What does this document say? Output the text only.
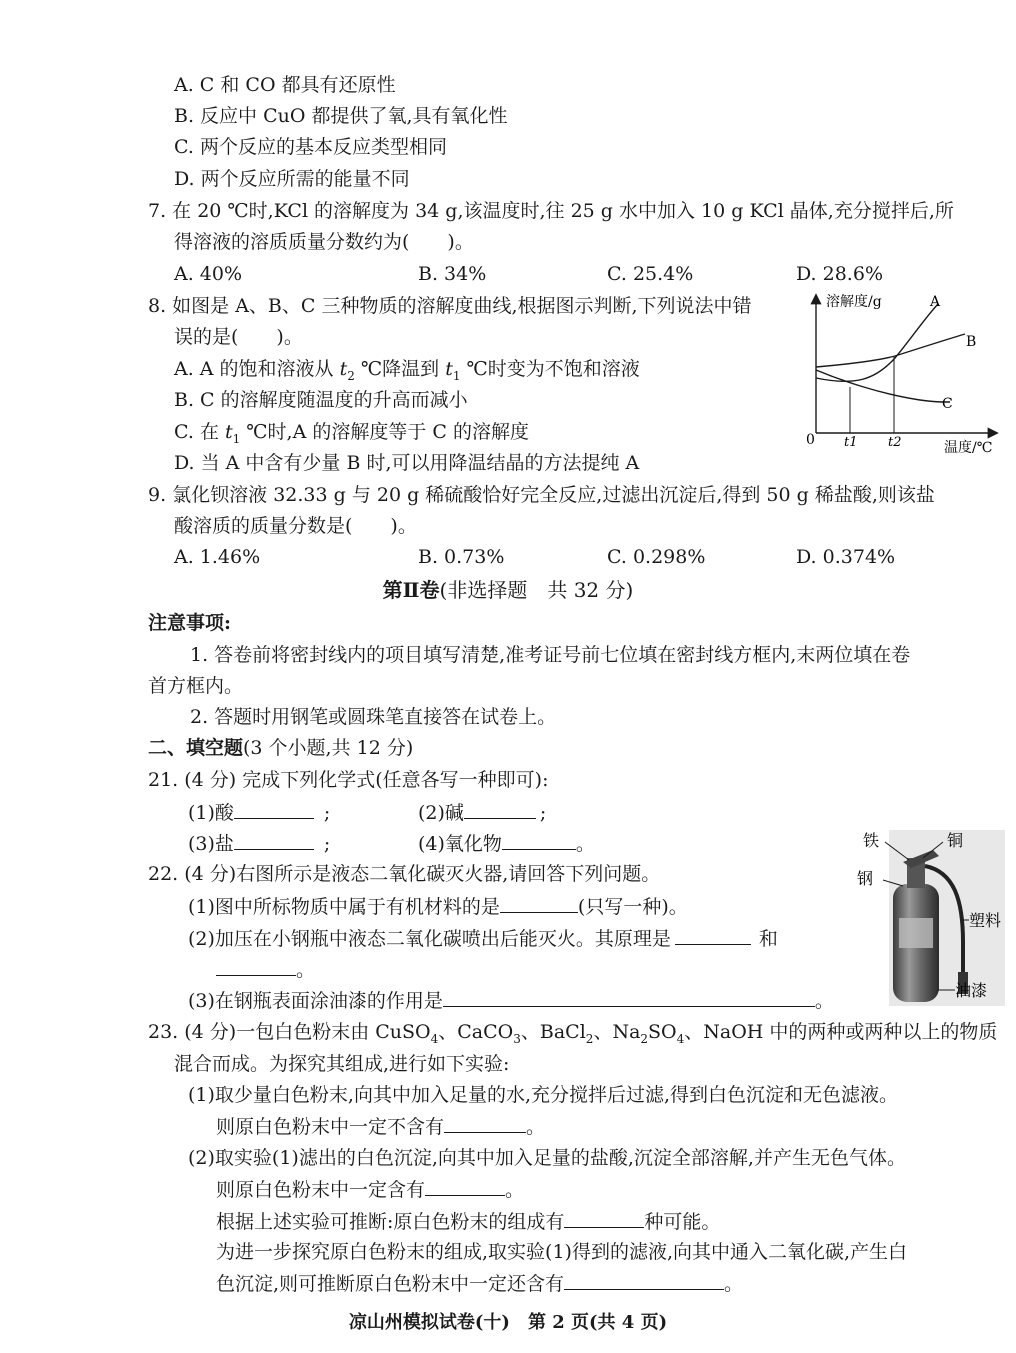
A. C 和 CO 都具有还原性
B. 反应中 CuO 都提供了氧,具有氧化性
C. 两个反应的基本反应类型相同
D. 两个反应所需的能量不同
7. 在 20 ℃时,KCl 的溶解度为 34 g,该温度时,往 25 g 水中加入 10 g KCl 晶体,充分搅拌后,所
得溶液的溶质质量分数约为(　　)。
A. 40%	B. 34%	C. 25.4%	D. 28.6%
8. 如图是 A、B、C 三种物质的溶解度曲线,根据图示判断,下列说法中错
误的是(　　)。
A. A 的饱和溶液从 $t_2$ ℃降温到 $t_1$ ℃时变为不饱和溶液
B. C 的溶解度随温度的升高而减小
C. 在 $t_1$ ℃时,A 的溶解度等于 C 的溶解度
D. 当 A 中含有少量 B 时,可以用降温结晶的方法提纯 A
溶解度/g	A
B
C
0 t1 t2	温度/℃
9. 氯化钡溶液 32.33 g 与 20 g 稀硫酸恰好完全反应,过滤出沉淀后,得到 50 g 稀盐酸,则该盐
酸溶质的质量分数是(　　)。
A. 1.46%	B. 0.73%	C. 0.298%	D. 0.374%
第Ⅱ卷(非选择题　共 32 分)
注意事项:
1. 答卷前将密封线内的项目填写清楚,准考证号前七位填在密封线方框内,末两位填在卷
首方框内。
2. 答题时用钢笔或圆珠笔直接答在试卷上。
二、填空题(3 个小题,共 12 分)
21. (4 分) 完成下列化学式(任意各写一种即可):
(1)酸	;	(2)碱	;
(3)盐	;	(4)氧化物	。
22. (4 分)右图所示是液态二氧化碳灭火器,请回答下列问题。
(1)图中所标物质中属于有机材料的是	(只写一种)。
(2)加压在小钢瓶中液态二氧化碳喷出后能灭火。其原理是	和
。
(3)在钢瓶表面涂油漆的作用是	。
铁	铜
钢
塑料
油漆
23. (4 分)一包白色粉末由 CuSO$_4$、CaCO$_3$、BaCl$_2$、$Na_2SO_4$、NaOH 中的两种或两种以上的物质
混合而成。为探究其组成,进行如下实验:
(1)取少量白色粉末,向其中加入足量的水,充分搅拌后过滤,得到白色沉淀和无色滤液。
则原白色粉末中一定不含有	。
(2)取实验(1)滤出的白色沉淀,向其中加入足量的盐酸,沉淀全部溶解,并产生无色气体。
则原白色粉末中一定含有	。
根据上述实验可推断:原白色粉末的组成有	种可能。
为进一步探究原白色粉末的组成,取实验(1)得到的滤液,向其中通入二氧化碳,产生白
色沉淀,则可推断原白色粉末中一定还含有	。
凉山州模拟试卷(十)　第 2 页(共 4 页)
